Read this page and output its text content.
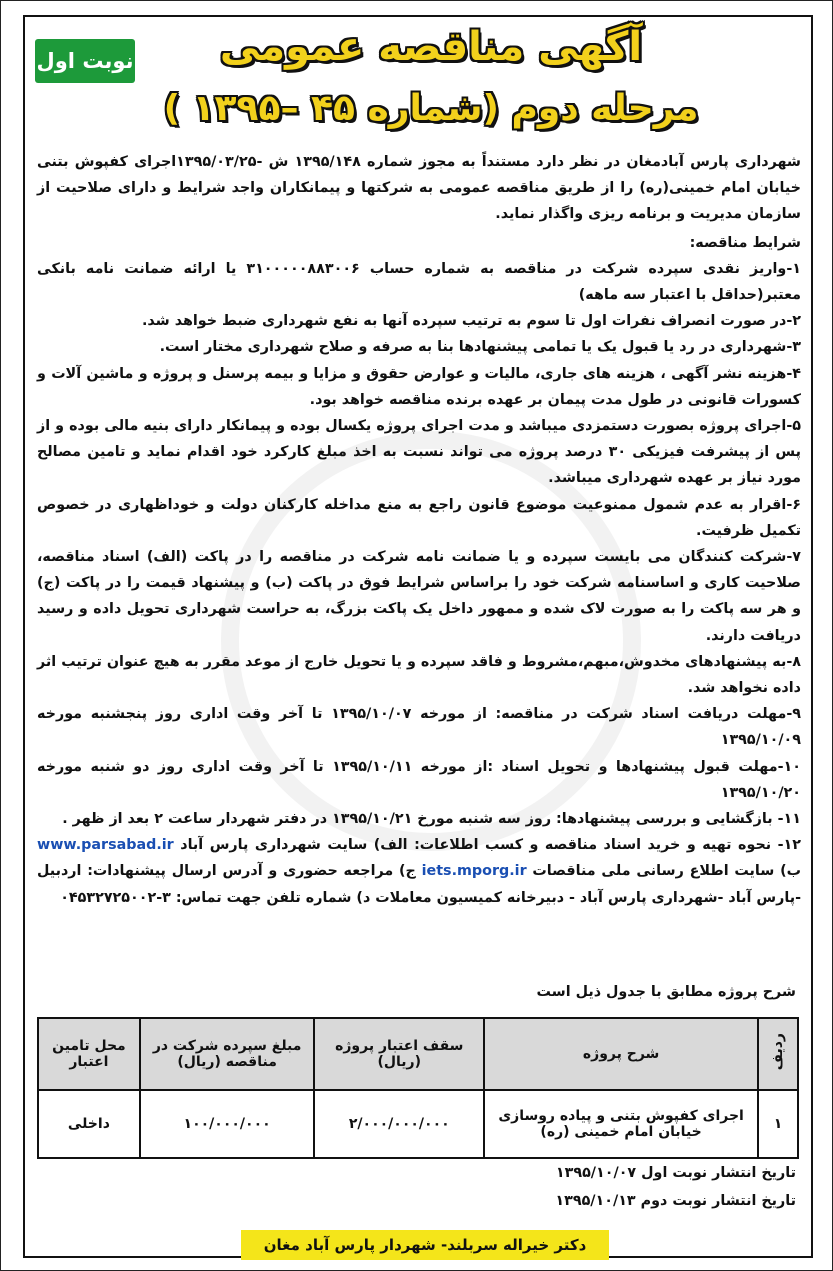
نوبت اول	آگهی مناقصه عمومی
مرحله دوم (شماره ۴۵ –۱۳۹۵ )

شهرداری پارس آبادمغان در نظر دارد مستنداً به مجوز شماره ۱۳۹۵/۱۴۸ ش -۱۳۹۵/۰۳/۲۵اجرای کفپوش بتنی خیابان امام خمینی(ره) را از طریق مناقصه عمومی به شرکتها و پیمانکاران واجد شرایط و دارای صلاحیت از سازمان مدیریت و برنامه ریزی واگذار نماید.

شرایط مناقصه:

۱-واریز نقدی سپرده شرکت در مناقصه به شماره حساب ۳۱۰۰۰۰۰۸۸۳۰۰۶ یا ارائه ضمانت نامه بانکی معتبر(حداقل با اعتبار سه ماهه)

۲-در صورت انصراف نفرات اول تا سوم به ترتیب سپرده آنها به نفع شهرداری ضبط خواهد شد.

۳-شهرداری در رد یا قبول یک یا تمامی پیشنهادها بنا به صرفه و صلاح شهرداری مختار است.

۴-هزینه نشر آگهی ، هزینه های جاری، مالیات و عوارض حقوق و مزایا و بیمه پرسنل و پروژه و ماشین آلات و کسورات قانونی در طول مدت پیمان بر عهده برنده مناقصه خواهد بود.

۵-اجرای پروژه بصورت دستمزدی میباشد و مدت اجرای پروژه یکسال بوده و پیمانکار دارای بنیه مالی بوده و از پس از پیشرفت فیزیکی ۳۰ درصد پروژه می تواند نسبت به اخذ مبلغ کارکرد خود اقدام نماید و تامین مصالح مورد نیاز بر عهده شهرداری میباشد.

۶-اقرار به عدم شمول ممنوعیت موضوع قانون راجع به منع مداخله کارکنان دولت و خوداظهاری در خصوص تکمیل ظرفیت.

۷-شرکت کنندگان می بایست سپرده و یا ضمانت نامه شرکت در مناقصه را در پاکت (الف) اسناد مناقصه، صلاحیت کاری و اساسنامه شرکت خود را براساس شرایط فوق در پاکت (ب) و پیشنهاد قیمت را در پاکت (ج) و هر سه پاکت را به صورت لاک شده و ممهور داخل یک پاکت بزرگ، به حراست شهرداری تحویل داده و رسید دریافت دارند.

۸-به پیشنهادهای مخدوش،مبهم،مشروط و فاقد سپرده و یا تحویل خارج از موعد مقرر به هیچ عنوان ترتیب اثر داده نخواهد شد.

۹-مهلت دریافت اسناد شرکت در مناقصه: از مورخه ۱۳۹۵/۱۰/۰۷ تا آخر وقت اداری روز پنجشنبه مورخه ۱۳۹۵/۱۰/۰۹

۱۰-مهلت قبول پیشنهادها و تحویل اسناد :از مورخه ۱۳۹۵/۱۰/۱۱ تا آخر وقت اداری روز دو شنبه مورخه ۱۳۹۵/۱۰/۲۰

۱۱- بازگشایی و بررسی پیشنهادها: روز سه شنبه مورخ ۱۳۹۵/۱۰/۲۱ در دفتر شهردار ساعت ۲ بعد از ظهر .

۱۲- نحوه تهیه و خرید اسناد مناقصه و کسب اطلاعات: الف) سایت شهرداری پارس آباد www.parsabad.ir ب) سایت اطلاع رسانی ملی مناقصات iets.mporg.ir ج) مراجعه حضوری و آدرس ارسال پیشنهادات: اردبیل -پارس آباد -شهرداری پارس آباد - دبیرخانه کمیسیون معاملات د) شماره تلفن جهت تماس: ۳-۰۴۵۳۲۷۲۵۰۰۲

شرح پروژه مطابق با جدول ذیل است
ردیف	شرح پروژه	سقف اعتبار پروژه (ریال)	مبلغ سپرده شرکت در مناقصه (ریال)	محل تامین اعتبار
۱	اجرای کفپوش بتنی و پیاده روسازی خیابان امام خمینی (ره)	۲/۰۰۰/۰۰۰/۰۰۰	۱۰۰/۰۰۰/۰۰۰	داخلی
تاریخ انتشار نوبت اول ۱۳۹۵/۱۰/۰۷
تاریخ انتشار نوبت دوم ۱۳۹۵/۱۰/۱۳
دکتر خیراله سربلند- شهردار پارس آباد مغان
